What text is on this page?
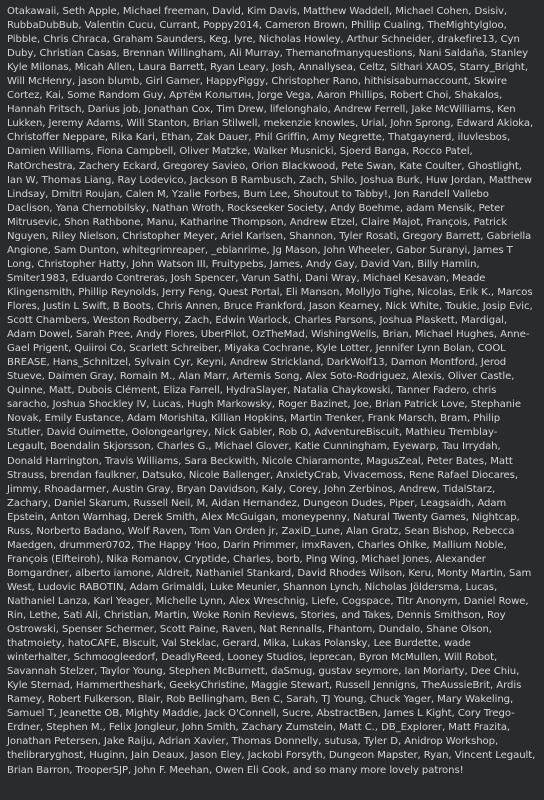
Otakawaii, Seth Apple, Michael freeman, David, Kim Davis, Matthew Waddell, Michael Cohen, Dsisiv, RubbaDubBub, Valentin Cucu, Currant, Poppy2014, Cameron Brown, Phillip Cualing, TheMightylgloo, Pibble, Chris Chraca, Graham Saunders, Keg, lyre, Nicholas Howley, Arthur Schneider, drakefire13, Cyn Duby, Christian Casas, Brennan Willingham, Ali Murray, Themanofmanyquestions, Nani Saldaña, Stanley Kyle Milonas, Micah Allen, Laura Barrett, Ryan Leary, Josh, Annallysea, Celtz, Sithari XAOS, Starry_Bright, Will McHenry, jason blumb, Girl Gamer, HappyPiggy, Christopher Rano, hithisisaburnaccount, Skwire Cortez, Kai, Some Random Guy, Артём Колытин, Jorge Vega, Aaron Phillips, Robert Choi, Shakalos, Hannah Fritsch, Darius job, Jonathan Cox, Tim Drew, lifelonghalo, Andrew Ferrell, Jake McWilliams, Ken Lukken, Jeremy Adams, Will Stanton, Brian Stilwell, mekenzie knowles, Urial, John Sprong, Edward Akioka, Christoffer Neppare, Rika Kari, Ethan, Zak Dauer, Phil Griffin, Amy Negrette, Thatgaynerd, iluvlesbos, Damien Williams, Fiona Campbell, Oliver Matzke, Walker Musnicki, Sjoerd Banga, Rocco Patel, RatOrchestra, Zachery Eckard, Gregorey Savieo, Orion Blackwood, Pete Swan, Kate Coulter, Ghostlight, Ian W, Thomas Liang, Ray Lodevico, Jackson B Rambusch, Zach, Shilo, Joshua Burk, Huw Jordan, Matthew Lindsay, Dmitri Roujan, Calen M, Yzalie Forbes, Bum Lee, Shoutout to Tabby!, Jon Randell Vallebo Daclison, Yana Chernobilsky, Nathan Wroth, Rockseeker Society, Andy Boehme, adam Mensik, Peter Mitrusevic, Shon Rathbone, Manu, Katharine Thompson, Andrew Etzel, Claire Majot, François, Patrick Nguyen, Riley Nielson, Christopher Meyer, Ariel Karlsen, Shannon, Tyler Rosati, Gregory Barrett, Gabriella Angione, Sam Dunton, whitegrimreaper, _eblanrime, Jg Mason, John Wheeler, Gabor Suranyi, James T Long, Christopher Hatty, John Watson III, Fruitypebs, James, Andy Gay, David Van, Billy Hamlin, Smiter1983, Eduardo Contreras, Josh Spencer, Varun Sathi, Dani Wray, Michael Kesavan, Meade Klingensmith, Phillip Reynolds, Jerry Feng, Quest Portal, Eli Manson, MollyJo Tighe, Nicolas, Erik K., Marcos Flores, Justin L Swift, B Boots, Chris Annen, Bruce Frankford, Jason Kearney, Nick White, Toukie, Josip Evic, Scott Chambers, Weston Rodberry, Zach, Edwin Warlock, Charles Parsons, Joshua Plaskett, Mardigal, Adam Dowel, Sarah Pree, Andy Flores, UberPilot, OzTheMad, WishingWells, Brian, Michael Hughes, Anne-Gael Prigent, Quiiroi Co, Scarlett Schreiber, Miyaka Cochrane, Kyle Lotter, Jennifer Lynn Bolan, COOL BREASE, Hans_Schnitzel, Sylvain Cyr, Keyni, Andrew Strickland, DarkWolf13, Damon Montford, Jerod Stueve, Daimen Gray, Romain M., Alan Marr, Artemis Song, Alex Soto-Rodriguez, Alexis, Oliver Castle, Quinne, Matt, Dubois Clément, Eliza Farrell, HydraSlayer, Natalia Chaykowski, Tanner Fadero, chris saracho, Joshua Shockley IV, Lucas, Hugh Markowsky, Roger Bazinet, Joe, Brian Patrick Love, Stephanie Novak, Emily Eustance, Adam Morishita, Killian Hopkins, Martin Trenker, Frank Marsch, Bram, Philip Stutler, David Ouimette, Oolongearlgrey, Nick Gabler, Rob O, AdventureBiscuit, Mathieu Tremblay-Legault, Boendalin Skjorsson, Charles G., Michael Glover, Katie Cunningham, Eyewarp, Tau Irrydah, Donald Harrington, Travis Williams, Sara Beckwith, Nicole Chiaramonte, MagusZeal, Peter Bates, Matt Strauss, brendan faulkner, Datsuko, Nicole Ballenger, AnxietyCrab, Vivacemoss, Rene Rafael Diocares, Jimmy, Rhoadarmer, Austin Gray, Bryan Davidson, Kaly, Corey, John Zerbinos, Andrew, TidalStarz, Zachary, Daniel Skarum, Russell Neil, M, Aidan Hernandez, Dungeon Dudes, Piper, Leagsaidh, Adam Epstein, Anton Warnhag, Derek Smith, Alex McGuigan, moneypenny, Natural Twenty Games, Nightcap, Russ, Norberto Badano, Wolf Raven, Tom Van Orden jr, ZaxiD_Lune, Alan Gratz, Sean Bishop, Rebecca Maedgen, drummer0702, The Happy 'Hoo, Darin Primmer, imxRaven, Charles Ohlke, Mallium Noble, François (Elfteiroh), Nika Romanov, Cryptide, Charles, borb, Ping Wing, Michael Jones, Alexander Bomgardner, alberto iamone, Aldreit, Nathaniel Stankard, David Rhodes Wilson, Keru, Monty Martin, Sam West, Ludovic RABOTIN, Adam Grimaldi, Luke Meunier, Shannon Lynch, Nicholas Jöldersma, Lucas, Nathaniel Lanza, Karl Yeager, Michelle Lynn, Alex Wreschnig, Liefe, Cogspace, Titr Anonym, Daniel Rowe, Rin, Lethe, Sati Ali, Christian, Martin, Woke Ronin Reviews, Stories, and Takes, Dennis Smithson, Roy Ostrowski, Spenser Schermer, Scott Paine, Raven, Nat Rennalls, Fhantom, Dundalo, Shane Olson, thatmoiety, hatoCAFE, Biscuit, Val Steklac, Gerard, Mika, Lukas Polansky, Lee Burdette, wade winterhalter, Schmoogleedorf, DeadlyReed, Looney Studios, leprecan, Byron McMullen, Will Robot, Savannah Stelzer, Taylor Young, Stephen McBurnett, daSmug, gustav seymore, Ian Moriarty, Dee Chiu, Kyle Sternad, Hammertheshark, GeekyChristine, Maggie Stewart, Russell Jennigns, TheAussieBrit, Ardis Ramey, Robert Fulkerson, Blair, Rob Bellingham, Ben C, Sarah, TJ Young, Chuck Yager, Mary Wakeling, Samuel T, Jeanette OB, Mighty Maddie, Jack O'Connell, Sucre, AbstractBen, James L Kight, Cory Trego-Erdner, Stephen M., Felix Jongleur, John Smith, Zachary Zumstein, Matt C., DB_Explorer, Matt Frazita, Jonathan Petersen, Jake Raiju, Adrian Xavier, Thomas Donnelly, sutusa, Tyler D, Anidrop Workshop, thelibraryghost, Huginn, Jain Deaux, Jason Eley, Jackobi Forsyth, Dungeon Mapster, Ryan, Vincent Legault, Brian Barron, TrooperSJP, John F. Meehan, Owen Eli Cook, and so many more lovely patrons!
